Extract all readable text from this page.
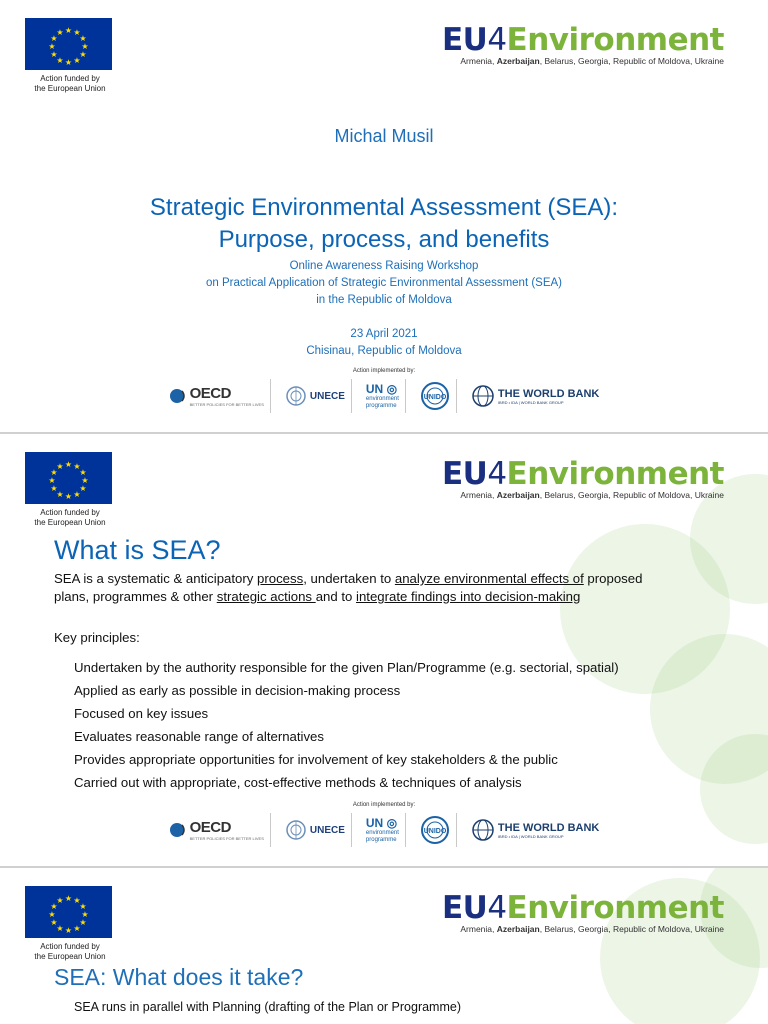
★ ★
★
★
★
★
★
★
★
★
★
★
Action funded by
the European Union
EU4Environment
Armenia, Azerbaijan, Belarus, Georgia, Republic of Moldova, Ukraine
Michal Musil
Strategic Environmental Assessment (SEA):
Purpose, process, and benefits
Online Awareness Raising Workshop
on Practical Application of Strategic Environmental Assessment (SEA)
in the Republic of Moldova
23 April 2021
Chisinau, Republic of Moldova
Action implemented by:
OECD
BETTER POLICIES FOR BETTER LIVES
UNECE UN ◎
environment
programme
UNIDO	THE WORLD BANK
IBRD • IDA | WORLD BANK GROUP
★ ★
★
★
★
★
★
★
★
★
★
★
Action funded by
the European Union
EU4Environment
Armenia, Azerbaijan, Belarus, Georgia, Republic of Moldova, Ukraine
What is SEA?
SEA is a systematic & anticipatory process, undertaken to analyze environmental effects of proposed plans, programmes & other strategic actions and to integrate findings into decision-making
Key principles:
Undertaken by the authority responsible for the given Plan/Programme (e.g. sectorial, spatial)
Applied as early as possible in decision-making process
Focused on key issues
Evaluates reasonable range of alternatives
Provides appropriate opportunities for involvement of key stakeholders & the public
Carried out with appropriate, cost-effective methods & techniques of analysis
Action implemented by:
OECD
BETTER POLICIES FOR BETTER LIVES
UNECE UN ◎
environment
programme
UNIDO	THE WORLD BANK
IBRD • IDA | WORLD BANK GROUP
★ ★
★
★
★
★
★
★
★
★
★
★
Action funded by
the European Union
EU4Environment
Armenia, Azerbaijan, Belarus, Georgia, Republic of Moldova, Ukraine
SEA: What does it take?
SEA runs in parallel with Planning (drafting of the Plan or Programme)
